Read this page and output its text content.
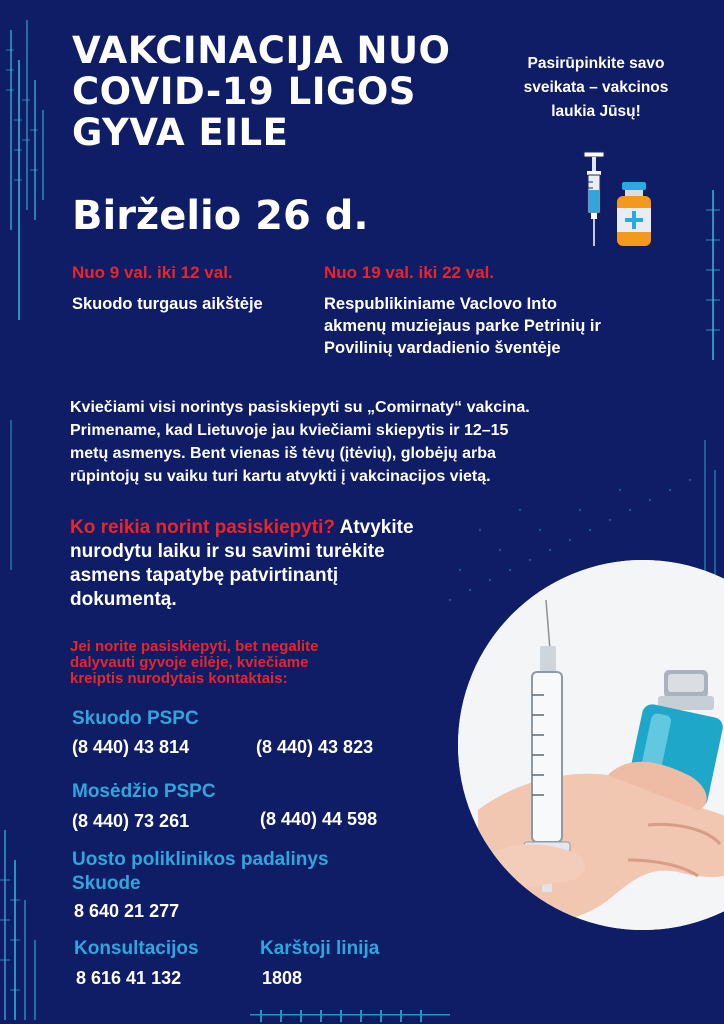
VAKCINACIJA NUO
COVID-19 LIGOS
GYVA EILE
Pasirūpinkite savo
sveikata – vakcinos
laukia Jūsų!
Birželio 26 d.
Nuo 9 val. iki 12 val.
Skuodo turgaus aikštėje
Nuo 19 val. iki 22 val.
Respublikiniame Vaclovo Into
akmenų muziejaus parke Petrinių ir
Povilinių vardadienio šventėje
Kviečiami visi norintys pasiskiepyti su „Comirnaty“ vakcina.
Primename, kad Lietuvoje jau kviečiami skiepytis ir 12–15
metų asmenys. Bent vienas iš tėvų (įtėvių), globėjų arba
rūpintojų su vaiku turi kartu atvykti į vakcinacijos vietą.
Ko reikia norint pasiskiepyti? Atvykite
nurodytu laiku ir su savimi turėkite
asmens tapatybę patvirtinantį
dokumentą.
Jei norite pasiskiepyti, bet negalite
dalyvauti gyvoje eilėje, kviečiame
kreiptis nurodytais kontaktais:
Skuodo PSPC
(8 440) 43 814	(8 440) 43 823
Mosėdžio PSPC
(8 440) 73 261	(8 440) 44 598
Uosto poliklinikos padalinys
Skuode
8 640 21 277
Konsultacijos
8 616 41 132
Karštoji linija
1808
